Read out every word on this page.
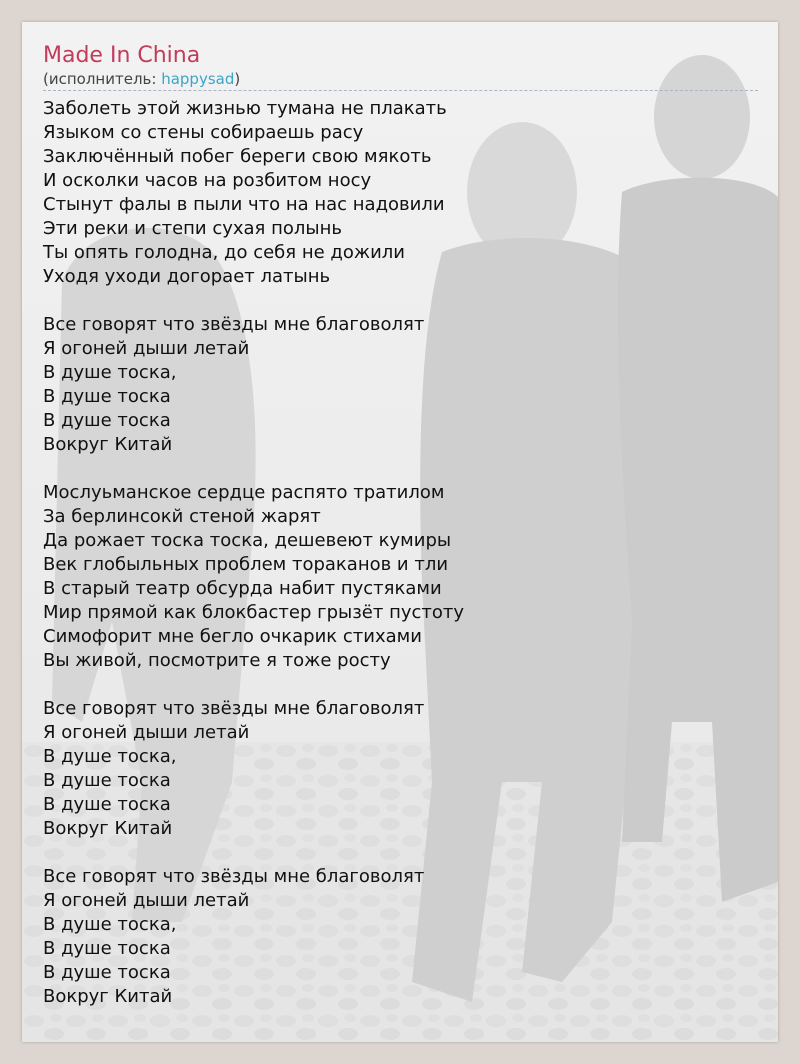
Made In China
(исполнитель: happysad)
Заболеть этой жизнью тумана не плакать
Языком со стены собираешь расу
Заключённый побег береги свою мякоть
И осколки часов на розбитом носу
Стынут фалы в пыли что на нас надовили
Эти реки и степи сухая полынь
Ты опять голодна, до себя не дожили
Уходя уходи догорает латынь
Все говорят что звёзды мне благоволят
Я огоней дыши летай
В душе тоска,
В душе тоска
В душе тоска
Вокруг Китай
Мослуьманское сердце распято тратилом
За берлинсокй стеной жарят
Да рожает тоска тоска, дешевеют кумиры
Век глобыльных проблем тораканов и тли
В старый театр обсурда набит пустяками
Мир прямой как блокбастер грызёт пустоту
Симофорит мне бегло очкарик стихами
Вы живой, посмотрите я тоже росту
Все говорят что звёзды мне благоволят
Я огоней дыши летай
В душе тоска,
В душе тоска
В душе тоска
Вокруг Китай
Все говорят что звёзды мне благоволят
Я огоней дыши летай
В душе тоска,
В душе тоска
В душе тоска
Вокруг Китай
